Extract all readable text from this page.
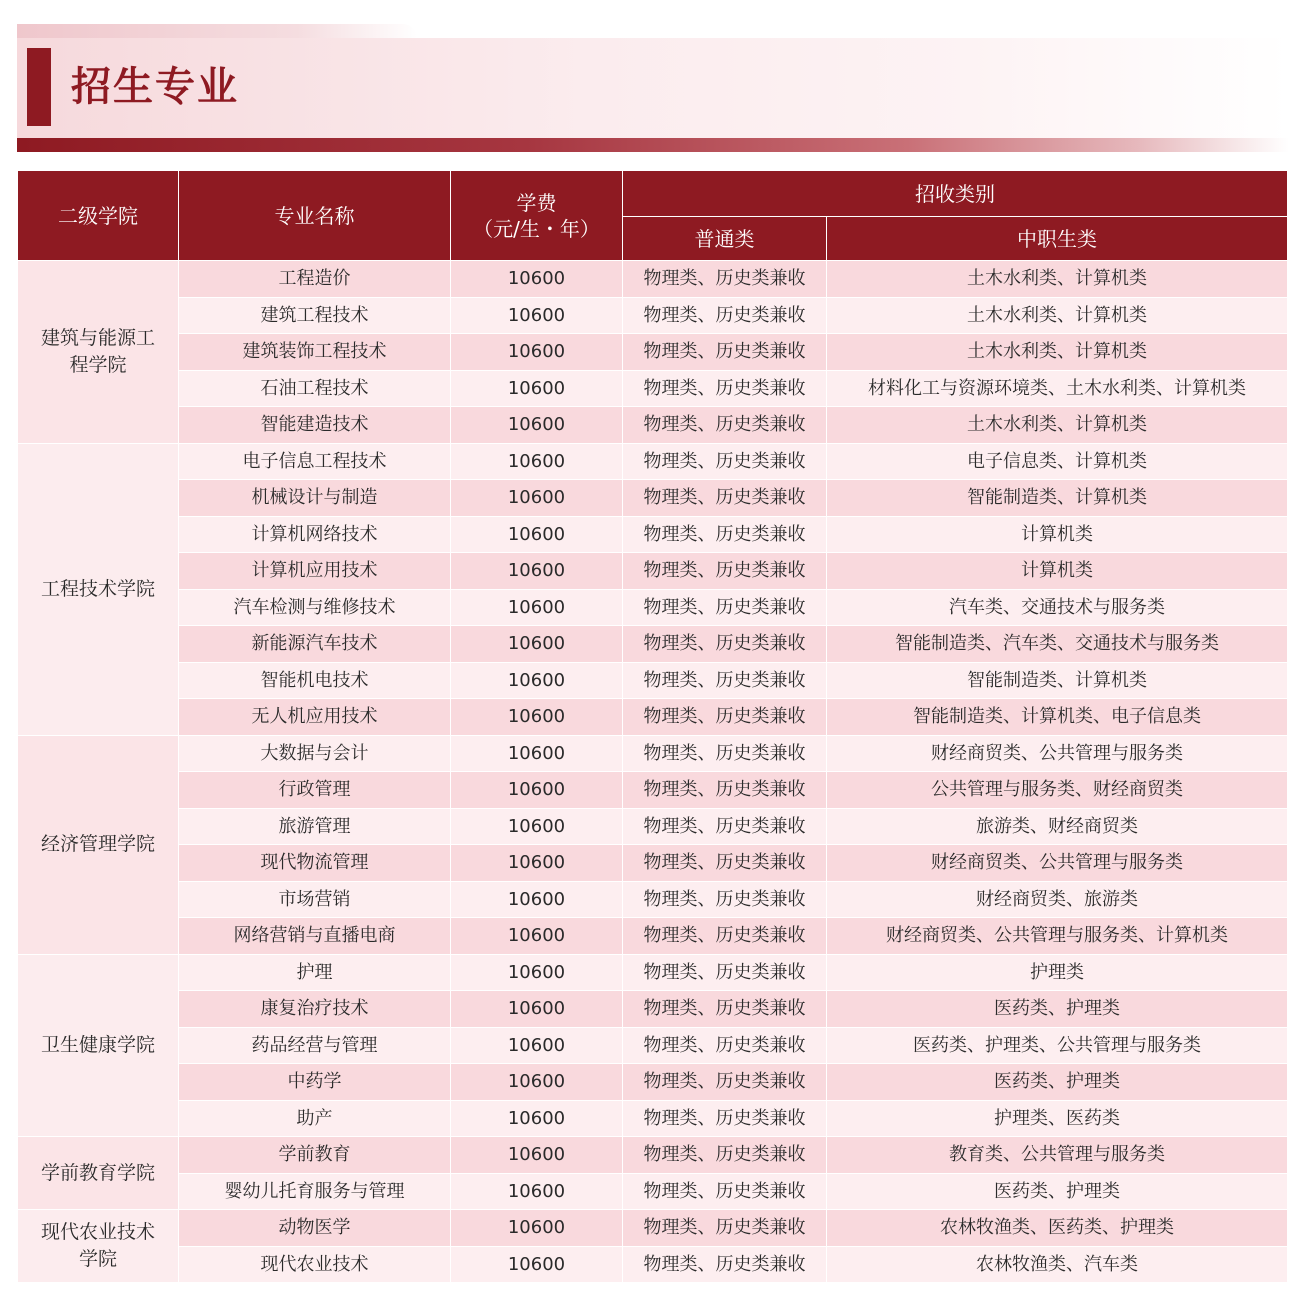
招生专业
二级学院	专业名称	学费
（元/生・年）	招收类别	
			普通类	中职生类

建筑与能源工程学院	工程造价	10600	物理类、历史类兼收	土木水利类、计算机类
	建筑工程技术	10600	物理类、历史类兼收	土木水利类、计算机类
	建筑装饰工程技术	10600	物理类、历史类兼收	土木水利类、计算机类
	石油工程技术	10600	物理类、历史类兼收	材料化工与资源环境类、土木水利类、计算机类
	智能建造技术	10600	物理类、历史类兼收	土木水利类、计算机类

工程技术学院	电子信息工程技术	10600	物理类、历史类兼收	电子信息类、计算机类
	机械设计与制造	10600	物理类、历史类兼收	智能制造类、计算机类
	计算机网络技术	10600	物理类、历史类兼收	计算机类
	计算机应用技术	10600	物理类、历史类兼收	计算机类
	汽车检测与维修技术	10600	物理类、历史类兼收	汽车类、交通技术与服务类
	新能源汽车技术	10600	物理类、历史类兼收	智能制造类、汽车类、交通技术与服务类
	智能机电技术	10600	物理类、历史类兼收	智能制造类、计算机类
	无人机应用技术	10600	物理类、历史类兼收	智能制造类、计算机类、电子信息类

经济管理学院	大数据与会计	10600	物理类、历史类兼收	财经商贸类、公共管理与服务类
	行政管理	10600	物理类、历史类兼收	公共管理与服务类、财经商贸类
	旅游管理	10600	物理类、历史类兼收	旅游类、财经商贸类
	现代物流管理	10600	物理类、历史类兼收	财经商贸类、公共管理与服务类
	市场营销	10600	物理类、历史类兼收	财经商贸类、旅游类
	网络营销与直播电商	10600	物理类、历史类兼收	财经商贸类、公共管理与服务类、计算机类

卫生健康学院	护理	10600	物理类、历史类兼收	护理类
	康复治疗技术	10600	物理类、历史类兼收	医药类、护理类
	药品经营与管理	10600	物理类、历史类兼收	医药类、护理类、公共管理与服务类
	中药学	10600	物理类、历史类兼收	医药类、护理类
	助产	10600	物理类、历史类兼收	护理类、医药类

学前教育学院	学前教育	10600	物理类、历史类兼收	教育类、公共管理与服务类
	婴幼儿托育服务与管理	10600	物理类、历史类兼收	医药类、护理类

现代农业技术学院	动物医学	10600	物理类、历史类兼收	农林牧渔类、医药类、护理类
	现代农业技术	10600	物理类、历史类兼收	农林牧渔类、汽车类
